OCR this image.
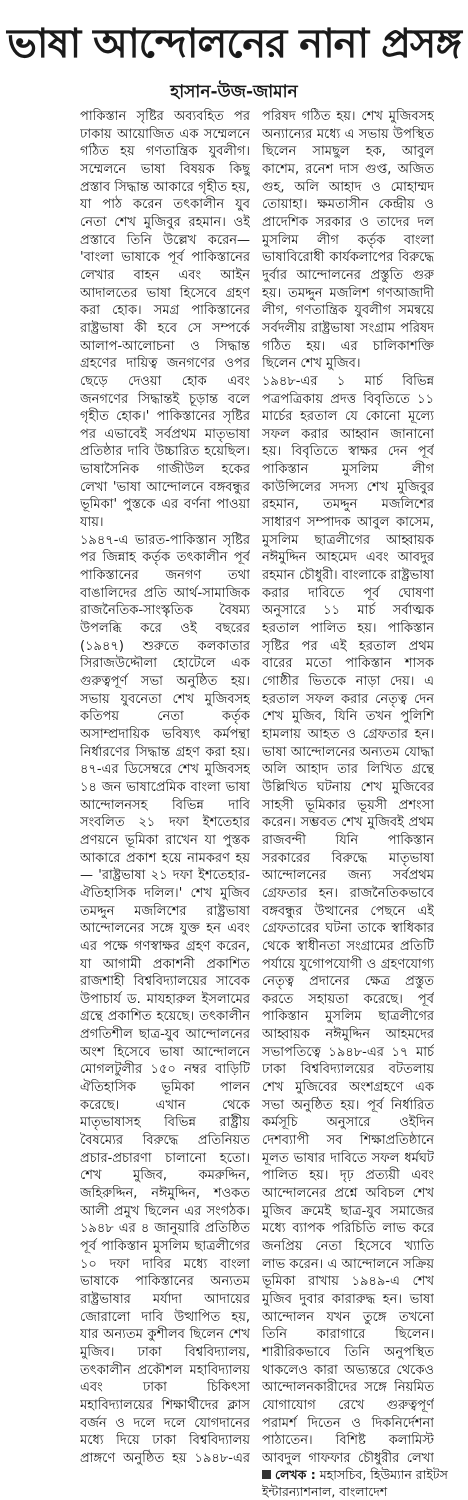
ভাষা আন্দোলনের নানা প্রসঙ্গ
হাসান-উজ-জামান

পাকিস্তান সৃষ্টির অব্যবহিত পর ঢাকায় আয়োজিত এক সম্মেলনে গঠিত হয় গণতান্ত্রিক যুবলীগ। সম্মেলনে ভাষা বিষয়ক কিছু প্রস্তাব সিদ্ধান্ত আকারে গৃহীত হয়, যা পাঠ করেন তৎকালীন যুব নেতা শেখ মুজিবুর রহমান। ওই প্রস্তাবে তিনি উল্লেখ করেন— 'বাংলা ভাষাকে পূর্ব পাকিস্তানের লেখার বাহন এবং আইন আদালতের ভাষা হিসেবে গ্রহণ করা হোক। সমগ্র পাকিস্তানের রাষ্ট্রভাষা কী হবে সে সম্পর্কে আলাপ-আলোচনা ও সিদ্ধান্ত গ্রহণের দায়িত্ব জনগণের ওপর ছেড়ে দেওয়া হোক এবং জনগণের সিদ্ধান্তই চূড়ান্ত বলে গৃহীত হোক।' পাকিস্তানের সৃষ্টির পর এভাবেই সর্বপ্রথম মাতৃভাষা প্রতিষ্ঠার দাবি উচ্চারিত হয়েছিল। ভাষাসৈনিক গাজীউল হকের লেখা 'ভাষা আন্দোলনে বঙ্গবন্ধুর ভূমিকা' পুস্তকে এর বর্ণনা পাওয়া যায়।

১৯৪৭-এ ভারত-পাকিস্তান সৃষ্টির পর জিন্নাহ কর্তৃক তৎকালীন পূর্ব পাকিস্তানের জনগণ তথা বাঙালিদের প্রতি আর্থ-সামাজিক রাজনৈতিক-সাংস্কৃতিক বৈষম্য উপলব্ধি করে ওই বছরের (১৯৪৭) শুরুতে কলকাতার সিরাজউদ্দৌলা হোটেলে এক গুরুত্বপূর্ণ সভা অনুষ্ঠিত হয়। সভায় যুবনেতা শেখ মুজিবসহ কতিপয় নেতা কর্তৃক অসাম্প্রদায়িক ভবিষ্যৎ কর্মপন্থা নির্ধারণের সিদ্ধান্ত গ্রহণ করা হয়। ৪৭-এর ডিসেম্বরে শেখ মুজিবসহ ১৪ জন ভাষাপ্রেমিক বাংলা ভাষা আন্দোলনসহ বিভিন্ন দাবি সংবলিত ২১ দফা ইশতেহার প্রণয়নে ভূমিকা রাখেন যা পুস্তক আকারে প্রকাশ হয়ে নামকরণ হয়— 'রাষ্ট্রভাষা ২১ দফা ইশতেহার-ঐতিহাসিক দলিল।' শেখ মুজিব তমদ্দুন মজলিশের রাষ্ট্রভাষা আন্দোলনের সঙ্গে যুক্ত হন এবং এর পক্ষে গণস্বাক্ষর গ্রহণ করেন, যা আগামী প্রকাশনী প্রকাশিত রাজশাহী বিশ্ববিদ্যালয়ের সাবেক উপাচার্য ড. মাযহারুল ইসলামের গ্রন্থে প্রকাশিত হয়েছে। তৎকালীন প্রগতিশীল ছাত্র-যুব আন্দোলনের অংশ হিসেবে ভাষা আন্দোলনে মোগলটুলীর ১৫০ নম্বর বাড়িটি ঐতিহাসিক ভূমিকা পালন করেছে। এখান থেকে মাতৃভাষাসহ বিভিন্ন রাষ্ট্রীয় বৈষম্যের বিরুদ্ধে প্রতিনিয়ত প্রচার-প্রচারণা চালানো হতো। শেখ মুজিব, কমরুদ্দিন, জহিরুদ্দিন, নঈমুদ্দিন, শওকত আলী প্রমুখ ছিলেন এর সংগঠক। ১৯৪৮ এর ৪ জানুয়ারি প্রতিষ্ঠিত পূর্ব পাকিস্তান মুসলিম ছাত্রলীগের ১০ দফা দাবির মধ্যে বাংলা ভাষাকে পাকিস্তানের অন্যতম রাষ্ট্রভাষার মর্যাদা আদায়ের জোরালো দাবি উত্থাপিত হয়, যার অন্যতম কুশীলব ছিলেন শেখ মুজিব। ঢাকা বিশ্ববিদ্যালয়, তৎকালীন প্রকৌশল মহাবিদ্যালয় এবং ঢাকা চিকিৎসা মহাবিদ্যালয়ের শিক্ষার্থীদের ক্লাস বর্জন ও দলে দলে যোগদানের মধ্যে দিয়ে ঢাকা বিশ্ববিদ্যালয় প্রাঙ্গণে অনুষ্ঠিত হয় ১৯৪৮-এর

পরিষদ গঠিত হয়। শেখ মুজিবসহ অন্যান্যের মধ্যে এ সভায় উপস্থিত ছিলেন সামছুল হক, আবুল কাশেম, রনেশ দাস গুপ্ত, অজিত গুহ, অলি আহাদ ও মোহাম্মদ তোয়াহা। ক্ষমতাসীন কেন্দ্রীয় ও প্রাদেশিক সরকার ও তাদের দল মুসলিম লীগ কর্তৃক বাংলা ভাষাবিরোধী কার্যকলাপের বিরুদ্ধে দুর্বার আন্দোলনের প্রস্তুতি গুরু হয়। তমদ্দুন মজলিশ গণআজাদী লীগ, গণতান্ত্রিক যুবলীগ সমন্বয়ে সর্বদলীয় রাষ্ট্রভাষা সংগ্রাম পরিষদ গঠিত হয়। এর চালিকাশক্তি ছিলেন শেখ মুজিব।

১৯৪৮-এর ১ মার্চ বিভিন্ন পত্রপত্রিকায় প্রদত্ত বিবৃতিতে ১১ মার্চের হরতাল যে কোনো মূল্যে সফল করার আহ্বান জানানো হয়। বিবৃতিতে স্বাক্ষর দেন পূর্ব পাকিস্তান মুসলিম লীগ কাউন্সিলের সদস্য শেখ মুজিবুর রহমান, তমদ্দুন মজলিশের সাধারণ সম্পাদক আবুল কাসেম, মুসলিম ছাত্রলীগের আহ্বায়ক নঈমুদ্দিন আহমেদ এবং আবদুর রহমান চৌধুরী। বাংলাকে রাষ্ট্রভাষা করার দাবিতে পূর্ব ঘোষণা অনুসারে ১১ মার্চ সর্বাত্মক হরতাল পালিত হয়। পাকিস্তান সৃষ্টির পর এই হরতাল প্রথম বারের মতো পাকিস্তান শাসক গোষ্ঠীর ভিতকে নাড়া দেয়। এ হরতাল সফল করার নেতৃত্ব দেন শেখ মুজিব, যিনি তখন পুলিশি হামলায় আহত ও গ্রেফতার হন। ভাষা আন্দোলনের অন্যতম যোদ্ধা অলি আহাদ তার লিখিত গ্রন্থে উল্লিখিত ঘটনায় শেখ মুজিবের সাহসী ভূমিকার ভূয়সী প্রশংসা করেন। সম্ভবত শেখ মুজিবই প্রথম রাজবন্দী যিনি পাকিস্তান সরকারের বিরুদ্ধে মাতৃভাষা আন্দোলনের জন্য সর্বপ্রথম গ্রেফতার হন। রাজনৈতিকভাবে বঙ্গবন্ধুর উত্থানের পেছনে এই গ্রেফতারের ঘটনা তাকে স্বাধিকার থেকে স্বাধীনতা সংগ্রামের প্রতিটি পর্যায়ে যুগোপযোগী ও গ্রহণযোগ্য নেতৃত্ব প্রদানের ক্ষেত্র প্রস্তুত করতে সহায়তা করেছে। পূর্ব পাকিস্তান মুসলিম ছাত্রলীগের আহ্বায়ক নঈমুদ্দিন আহমদের সভাপতিত্বে ১৯৪৮-এর ১৭ মার্চ ঢাকা বিশ্ববিদ্যালয়ের বটতলায় শেখ মুজিবের অংশগ্রহণে এক সভা অনুষ্ঠিত হয়। পূর্ব নির্ধারিত কর্মসূচি অনুসারে ওইদিন দেশব্যাপী সব শিক্ষাপ্রতিষ্ঠানে মূলত ভাষার দাবিতে সফল ধর্মঘট পালিত হয়। দৃঢ় প্রত্যয়ী এবং আন্দোলনের প্রশ্নে অবিচল শেখ মুজিব ক্রমেই ছাত্র-যুব সমাজের মধ্যে ব্যাপক পরিচিতি লাভ করে জনপ্রিয় নেতা হিসেবে খ্যাতি লাভ করেন। এ আন্দোলনে সক্রিয় ভূমিকা রাখায় ১৯৪৯-এ শেখ মুজিব দুবার কারারুদ্ধ হন। ভাষা আন্দোলন যখন তুঙ্গে তখনো তিনি কারাগারে ছিলেন। শারীরিকভাবে তিনি অনুপস্থিত থাকলেও কারা অভ্যন্তরে থেকেও আন্দোলনকারীদের সঙ্গে নিয়মিত যোগাযোগ রেখে গুরুত্বপূর্ণ পরামর্শ দিতেন ও দিকনির্দেশনা পাঠাতেন। বিশিষ্ট কলামিস্ট আবদুল গাফফার চৌধুরীর লেখা

লেখক : মহাসচিব, হিউম্যান রাইটস ইন্টারন্যাশনাল, বাংলাদেশ
